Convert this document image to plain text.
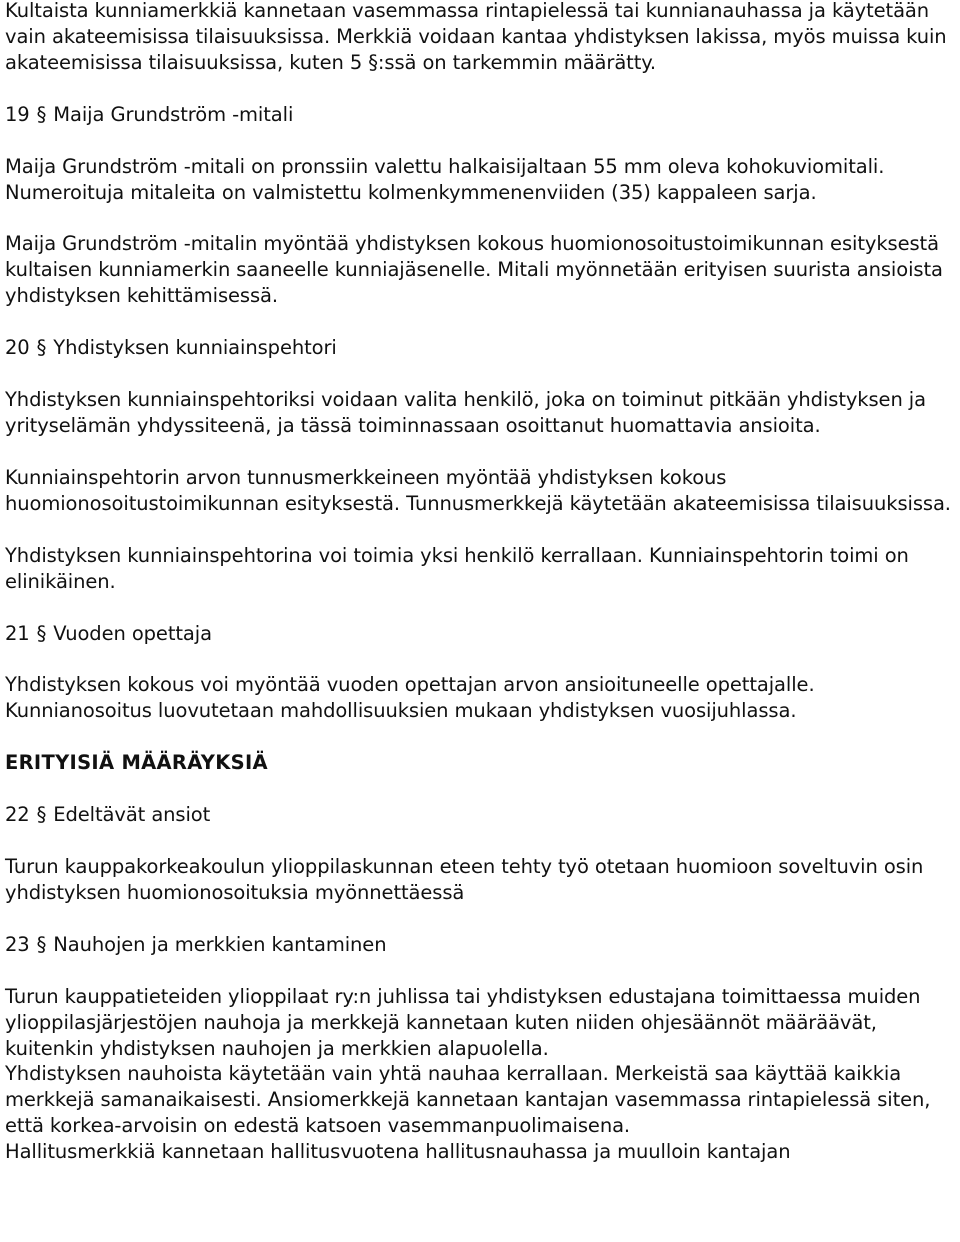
Kultaista kunniamerkkiä kannetaan vasemmassa rintapielessä tai kunnianauhassa ja käytetään vain akateemisissa tilaisuuksissa. Merkkiä voidaan kantaa yhdistyksen lakissa, myös muissa kuin akateemisissa tilaisuuksissa, kuten 5 §:ssä on tarkemmin määrätty.

19 § Maija Grundström -mitali

Maija Grundström -mitali on pronssiin valettu halkaisijaltaan 55 mm oleva kohokuviomitali. Numeroituja mitaleita on valmistettu kolmenkymmenenviiden (35) kappaleen sarja.

Maija Grundström -mitalin myöntää yhdistyksen kokous huomionosoitustoimikunnan esityksestä kultaisen kunniamerkin saaneelle kunniajäsenelle. Mitali myönnetään erityisen suurista ansioista yhdistyksen kehittämisessä.

20 § Yhdistyksen kunniainspehtori

Yhdistyksen kunniainspehtoriksi voidaan valita henkilö, joka on toiminut pitkään yhdistyksen ja yrityselämän yhdyssiteenä, ja tässä toiminnassaan osoittanut huomattavia ansioita.

Kunniainspehtorin arvon tunnusmerkkeineen myöntää yhdistyksen kokous huomionosoitustoimikunnan esityksestä. Tunnusmerkkejä käytetään akateemisissa tilaisuuksissa.

Yhdistyksen kunniainspehtorina voi toimia yksi henkilö kerrallaan. Kunniainspehtorin toimi on elinikäinen.

21 § Vuoden opettaja

Yhdistyksen kokous voi myöntää vuoden opettajan arvon ansioituneelle opettajalle. Kunnianosoitus luovutetaan mahdollisuuksien mukaan yhdistyksen vuosijuhlassa.

ERITYISIÄ MÄÄRÄYKSIÄ

22 § Edeltävät ansiot

Turun kauppakorkeakoulun ylioppilaskunnan eteen tehty työ otetaan huomioon soveltuvin osin yhdistyksen huomionosoituksia myönnettäessä

23 § Nauhojen ja merkkien kantaminen

Turun kauppatieteiden ylioppilaat ry:n juhlissa tai yhdistyksen edustajana toimittaessa muiden ylioppilasjärjestöjen nauhoja ja merkkejä kannetaan kuten niiden ohjesäännöt määräävät, kuitenkin yhdistyksen nauhojen ja merkkien alapuolella.

Yhdistyksen nauhoista käytetään vain yhtä nauhaa kerrallaan. Merkeistä saa käyttää kaikkia merkkejä samanaikaisesti. Ansiomerkkejä kannetaan kantajan vasemmassa rintapielessä siten, että korkea-arvoisin on edestä katsoen vasemmanpuolimaisena.

Hallitusmerkkiä kannetaan hallitusvuotena hallitusnauhassa ja muulloin kantajan
